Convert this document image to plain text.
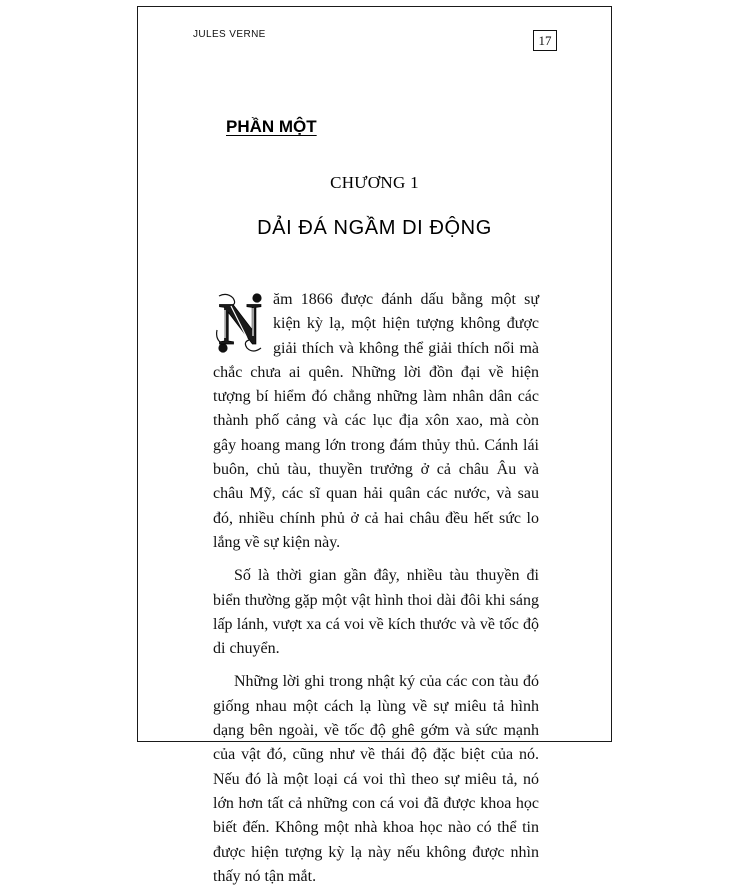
JULES VERNE	17
PHẦN MỘT
CHƯƠNG 1
DẢI ĐÁ NGẦM DI ĐỘNG

N ăm 1866 được đánh dấu bằng một sự kiện kỳ lạ, một hiện tượng không được giải thích và không thể giải thích nổi mà chắc chưa ai quên. Những lời đồn đại về hiện tượng bí hiểm đó chẳng những làm nhân dân các thành phố cảng và các lục địa xôn xao, mà còn gây hoang mang lớn trong đám thủy thủ. Cánh lái buôn, chủ tàu, thuyền trưởng ở cả châu Âu và châu Mỹ, các sĩ quan hải quân các nước, và sau đó, nhiều chính phủ ở cả hai châu đều hết sức lo lắng về sự kiện này.

Số là thời gian gần đây, nhiều tàu thuyền đi biển thường gặp một vật hình thoi dài đôi khi sáng lấp lánh, vượt xa cá voi về kích thước và về tốc độ di chuyển.

Những lời ghi trong nhật ký của các con tàu đó giống nhau một cách lạ lùng về sự miêu tả hình dạng bên ngoài, về tốc độ ghê gớm và sức mạnh của vật đó, cũng như về thái độ đặc biệt của nó. Nếu đó là một loại cá voi thì theo sự miêu tả, nó lớn hơn tất cả những con cá voi đã được khoa học biết đến. Không một nhà khoa học nào có thể tin được hiện tượng kỳ lạ này nếu không được nhìn thấy nó tận mắt.
